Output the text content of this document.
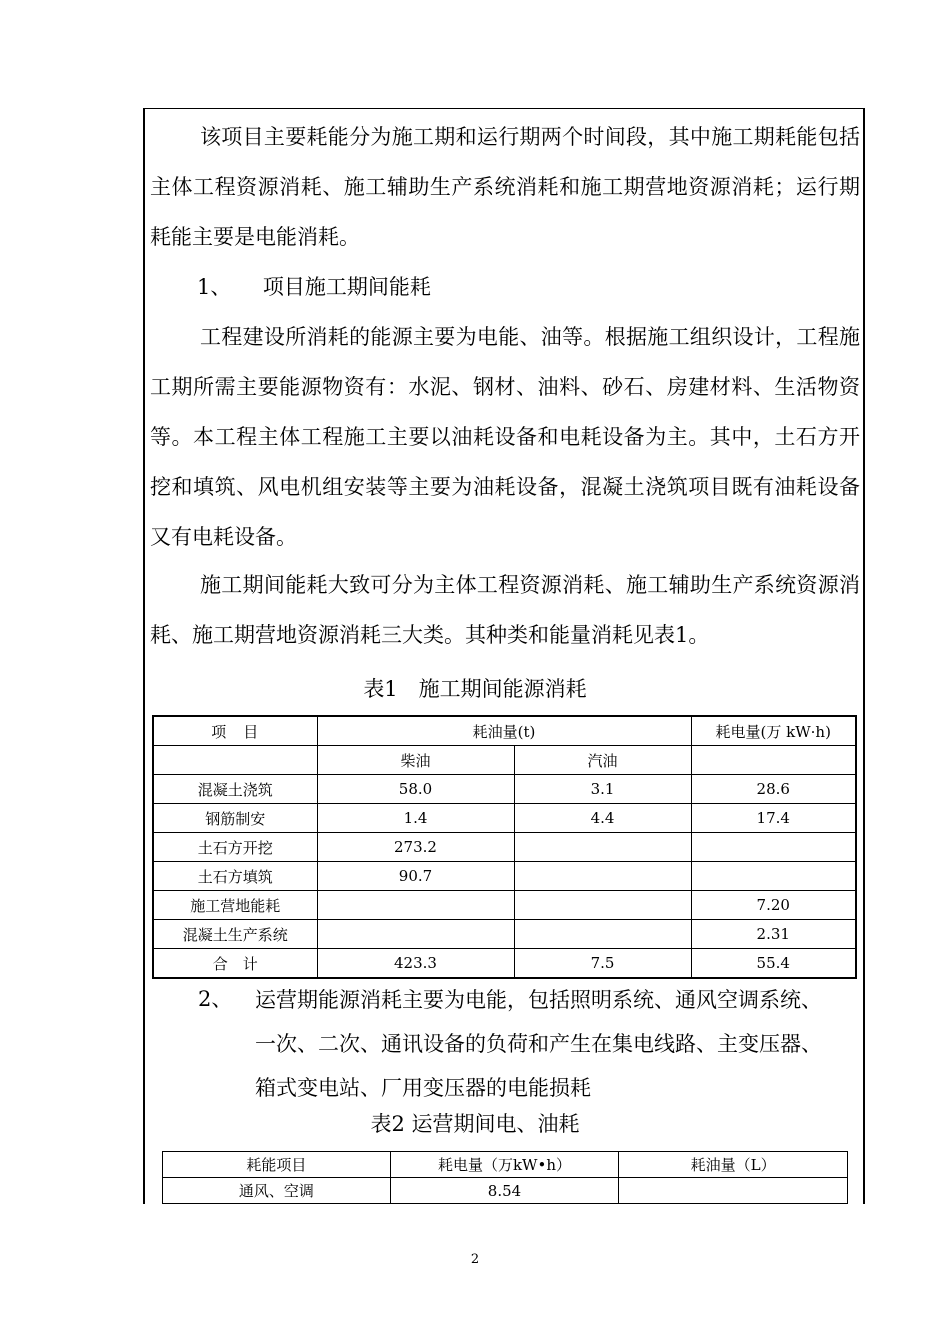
该项目主要耗能分为施工期和运行期两个时间段，其中施工期耗能包括主体工程资源消耗、施工辅助生产系统消耗和施工期营地资源消耗；运行期耗能主要是电能消耗。

1、　　项目施工期间能耗

工程建设所消耗的能源主要为电能、油等。根据施工组织设计，工程施工期所需主要能源物资有：水泥、钢材、油料、砂石、房建材料、生活物资等。本工程主体工程施工主要以油耗设备和电耗设备为主。其中，土石方开挖和填筑、风电机组安装等主要为油耗设备，混凝土浇筑项目既有油耗设备又有电耗设备。

施工期间能耗大致可分为主体工程资源消耗、施工辅助生产系统资源消耗、施工期营地资源消耗三大类。其种类和能量消耗见表1。

表1　施工期间能源消耗
项　目	耗油量(t)		耗电量(万 kW·h)
	柴油	汽油	
混凝土浇筑	58.0	3.1	28.6
钢筋制安	1.4	4.4	17.4
土石方开挖	273.2		
土石方填筑	90.7		
施工营地能耗			7.20
混凝土生产系统			2.31
合　计	423.3	7.5	55.4
2、 运营期能源消耗主要为电能，包括照明系统、通风空调系统、
一次、二次、通讯设备的负荷和产生在集电线路、主变压器、
箱式变电站、厂用变压器的电能损耗
表2 运营期间电、油耗
耗能项目	耗电量（万kW•h）	耗油量（L）
通风、空调	8.54	
2
